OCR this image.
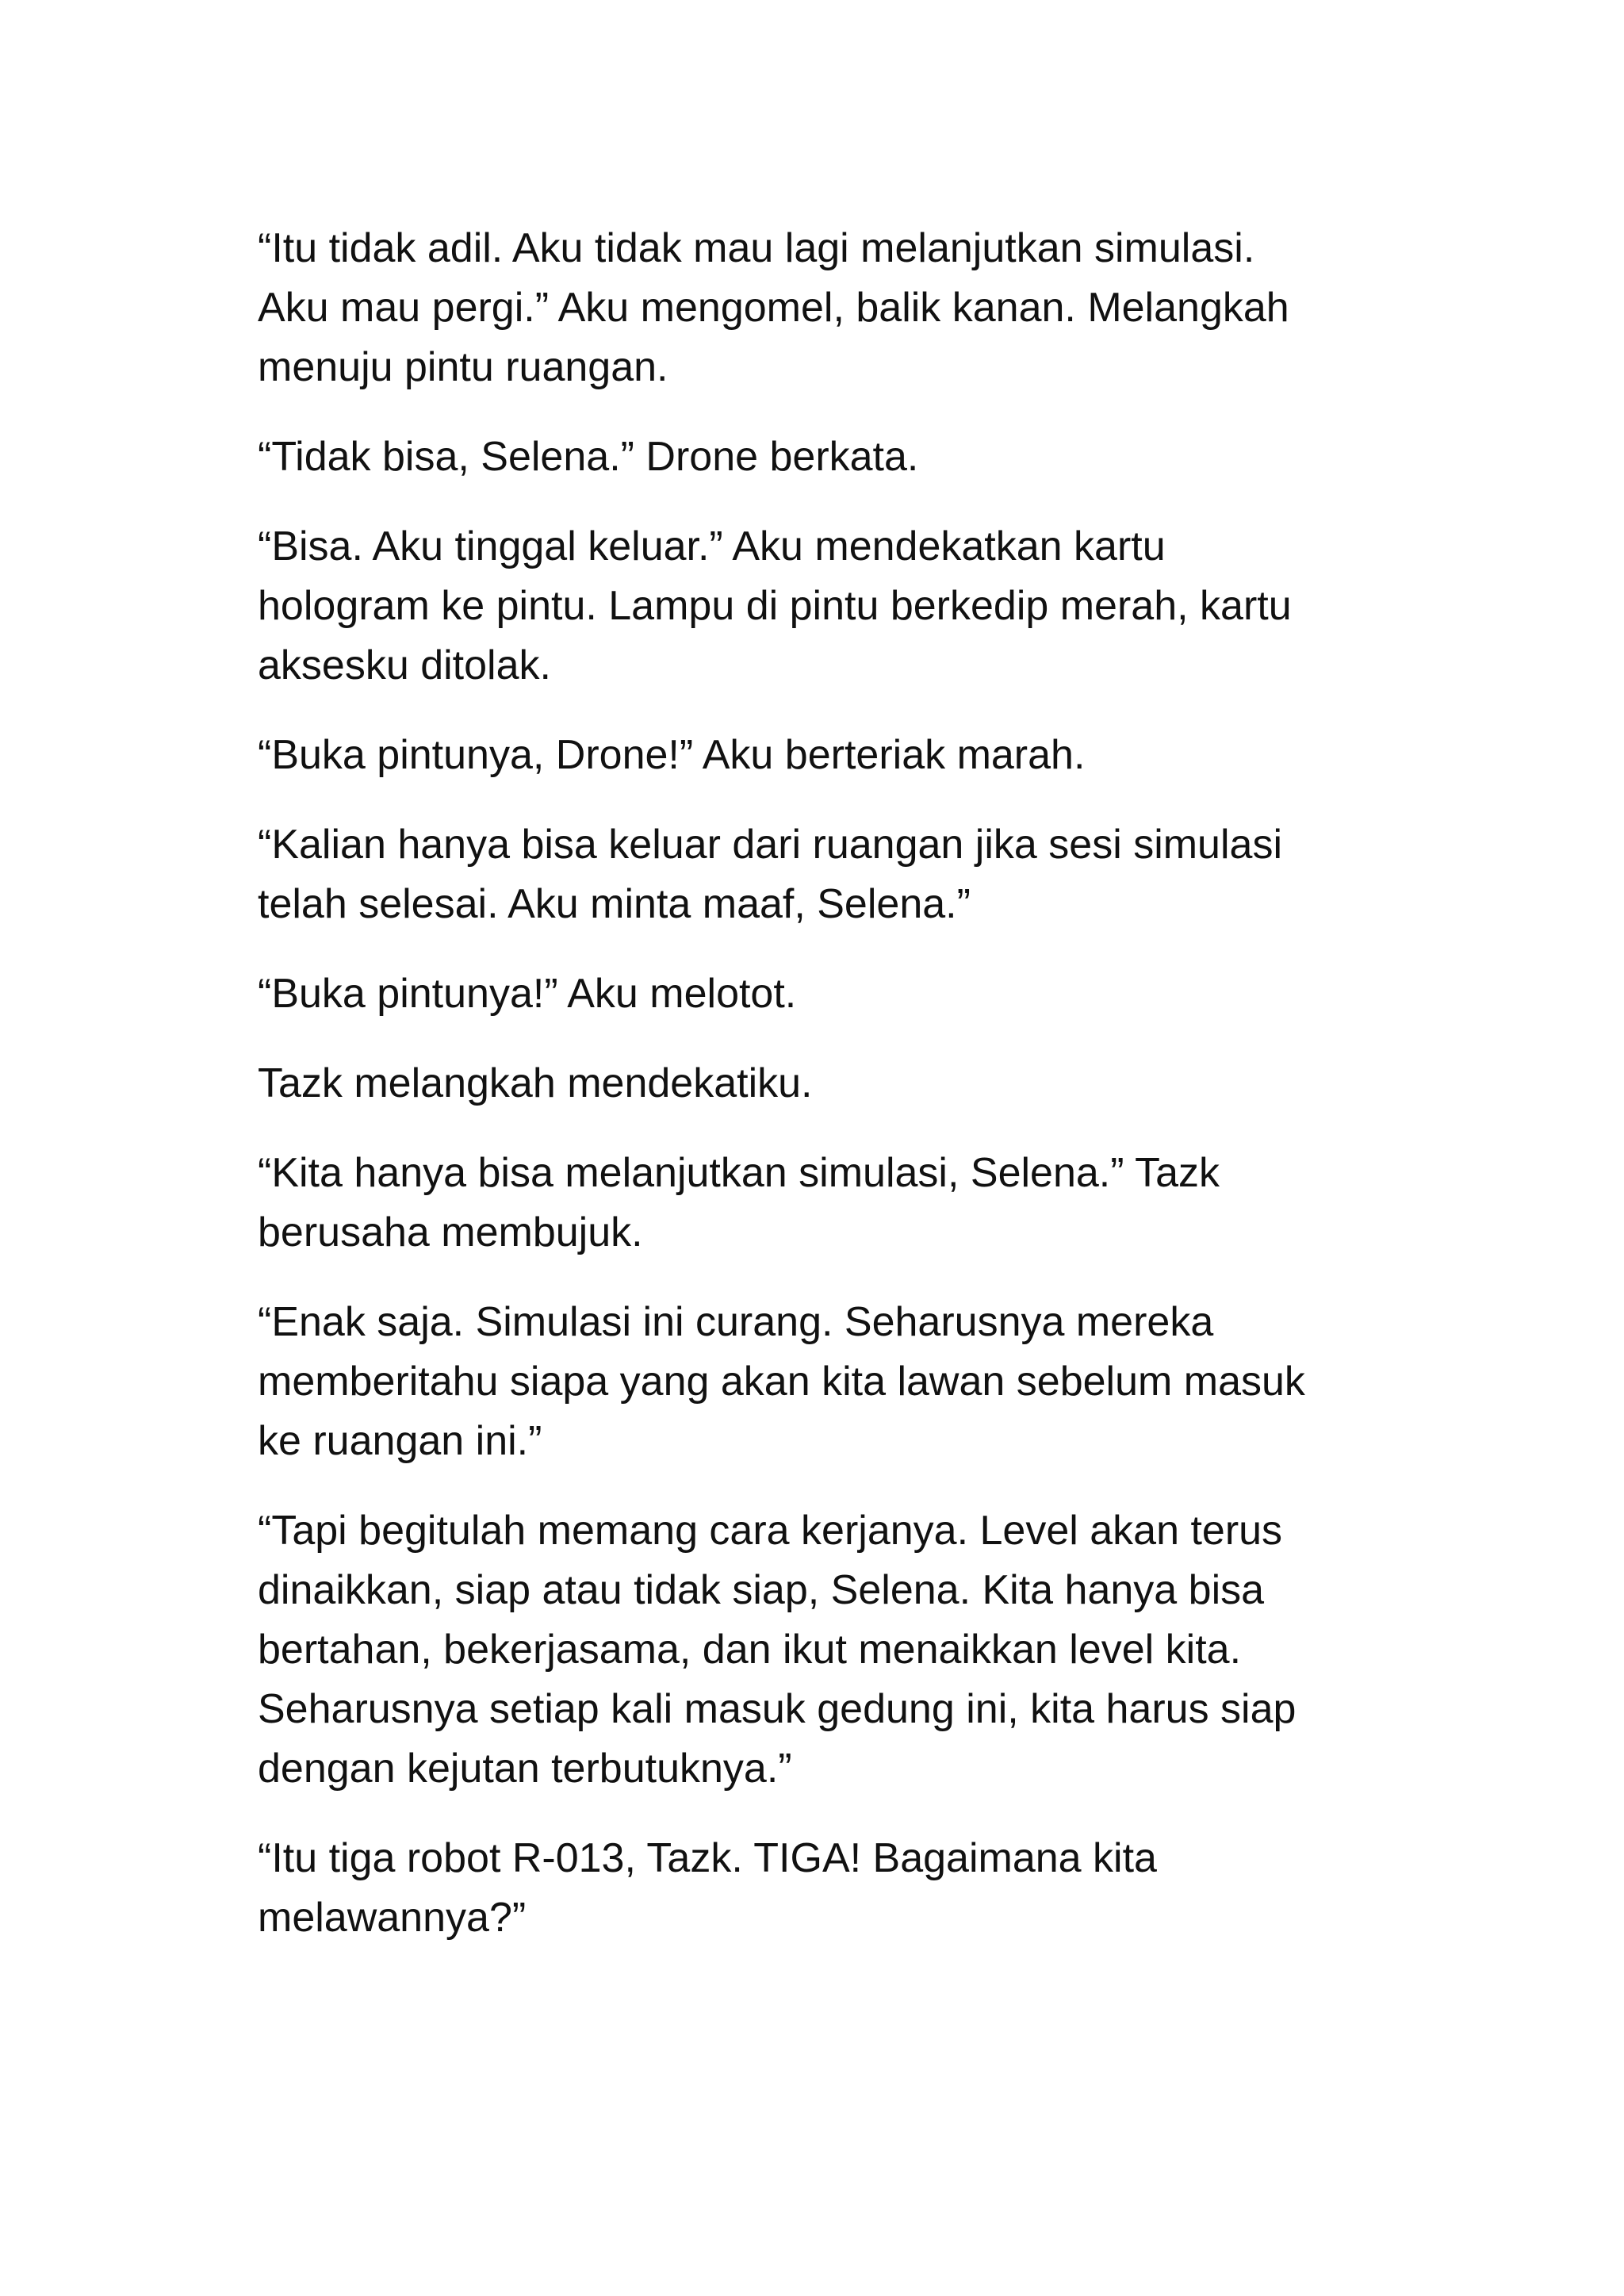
“Itu tidak adil. Aku tidak mau lagi melanjutkan simulasi.
Aku mau pergi.” Aku mengomel, balik kanan. Melangkah
menuju pintu ruangan.

“Tidak bisa, Selena.” Drone berkata.

“Bisa. Aku tinggal keluar.” Aku mendekatkan kartu
hologram ke pintu. Lampu di pintu berkedip merah, kartu
aksesku ditolak.

“Buka pintunya, Drone!” Aku berteriak marah.

“Kalian hanya bisa keluar dari ruangan jika sesi simulasi
telah selesai. Aku minta maaf, Selena.”

“Buka pintunya!” Aku melotot.

Tazk melangkah mendekatiku.

“Kita hanya bisa melanjutkan simulasi, Selena.” Tazk
berusaha membujuk.

“Enak saja. Simulasi ini curang. Seharusnya mereka
memberitahu siapa yang akan kita lawan sebelum masuk
ke ruangan ini.”

“Tapi begitulah memang cara kerjanya. Level akan terus
dinaikkan, siap atau tidak siap, Selena. Kita hanya bisa
bertahan, bekerjasama, dan ikut menaikkan level kita.
Seharusnya setiap kali masuk gedung ini, kita harus siap
dengan kejutan terbutuknya.”

“Itu tiga robot R-013, Tazk. TIGA! Bagaimana kita
melawannya?”
